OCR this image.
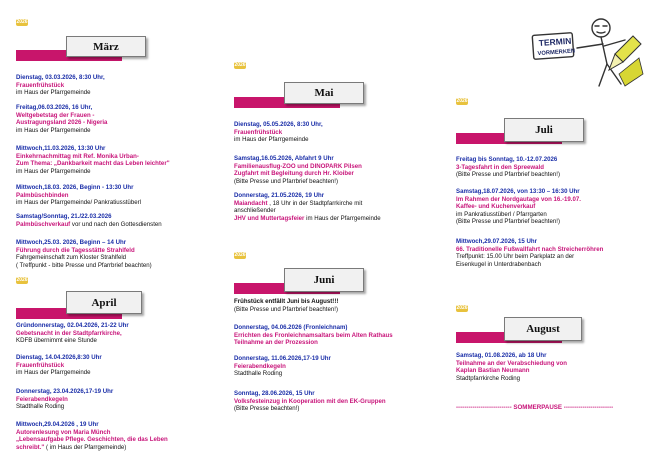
März
2026
April
2026
Dienstag, 03.03.2026, 8:30 Uhr,
Frauenfrühstück
im Haus der Pfarrgemeinde
Freitag,06.03.2026, 16 Uhr,
Weltgebetstag der Frauen -
Austragungsland 2026 - Nigeria
im Haus der Pfarrgemeinde
Mittwoch,11.03.2026, 13:30 Uhr
Einkehrnachmittag mit Ref. Monika Urban-
Zum Thema: „Dankbarkeit macht das Leben leichter"
im Haus der Pfarrgemeinde
Mittwoch,18.03. 2026, Beginn - 13:30 Uhr
Palmbüschbinden
im Haus der Pfarrgemeinde/ Pankratiusstüberl
Samstag/Sonntag, 21./22.03.2026
Palmbüschverkauf vor und nach den Gottesdiensten
Mittwoch,25.03. 2026, Beginn – 14 Uhr
Führung durch die Tagesstätte Strahlfeld
Fahrgemeinschaft zum Kloster Strahlfeld
( Treffpunkt - bitte Presse und Pfarrbrief beachten)
Gründonnerstag, 02.04.2026, 21-22 Uhr
Gebetsnacht in der Stadtpfarrkirche,
KDFB übernimmt eine Stunde
Dienstag, 14.04.2026,8:30 Uhr
Frauenfrühstück
im Haus der Pfarrgemeinde
Donnerstag, 23.04.2026,17-19 Uhr
Feierabendkegeln
Stadthalle Roding
Mittwoch,29.04.2026 , 19 Uhr
Autorenlesung von Maria Münch
„Lebensaufgabe Pflege. Geschichten, die das Leben
schreibt." ( im Haus der Pfarrgemeinde)
Mai
2026
Juni
2026
Dienstag, 05.05.2026, 8:30 Uhr,
Frauenfrühstück
im Haus der Pfarrgemeinde
Samstag,16.05.2026, Abfahrt 9 Uhr
Familienausflug-ZOO und DINOPARK Pilsen
Zugfahrt mit Begleitung durch Hr. Kloiber
(Bitte Presse und Pfarrbrief beachten!)
Donnerstag, 21.05.2026, 19 Uhr
Maiandacht , 18 Uhr in der Stadtpfarrkirche mit
anschließender
JHV und Muttertagsfeier im Haus der Pfarrgemeinde
Frühstück entfällt Juni bis August!!!
(Bitte Presse und Pfarrbrief beachten!)
Donnerstag, 04.06.2026 (Fronleichnam)
Errichten des Fronleichnamsaltars beim Alten Rathaus
Teilnahme an der Prozession
Donnerstag, 11.06.2026,17-19 Uhr
Feierabendkegeln
Stadthalle Roding
Sonntag, 28.06.2026, 15 Uhr
Volksfesteinzug in Kooperation mit den EK-Gruppen
(Bitte Presse beachten!)
Juli
2026
August
2026
Freitag bis Sonntag, 10.-12.07.2026
3-Tagesfahrt in den Spreewald
(Bitte Presse und Pfarrbrief beachten!)
Samstag,18.07.2026, von 13:30 – 16:30 Uhr
Im Rahmen der Nordgautage von 16.-19.07.
Kaffee- und Kuchenverkauf
im Pankratiusstüberl / Pfarrgarten
(Bitte Presse und Pfarrbrief beachten!)
Mittwoch,29.07.2026, 15 Uhr
66. Traditionelle Fußwallfahrt nach Streicherröhren
Treffpunkt: 15.00 Uhr beim Parkplatz an der
Eisenkugel in Unterdrabenbach
Samstag, 01.08.2026, ab 18 Uhr
Teilnahme an der Verabschiedung von
Kaplan Bastian Neumann
Stadtpfarrkirche Roding
--------------------------- SOMMERPAUSE ------------------------
TERMIN
VORMERKEN
